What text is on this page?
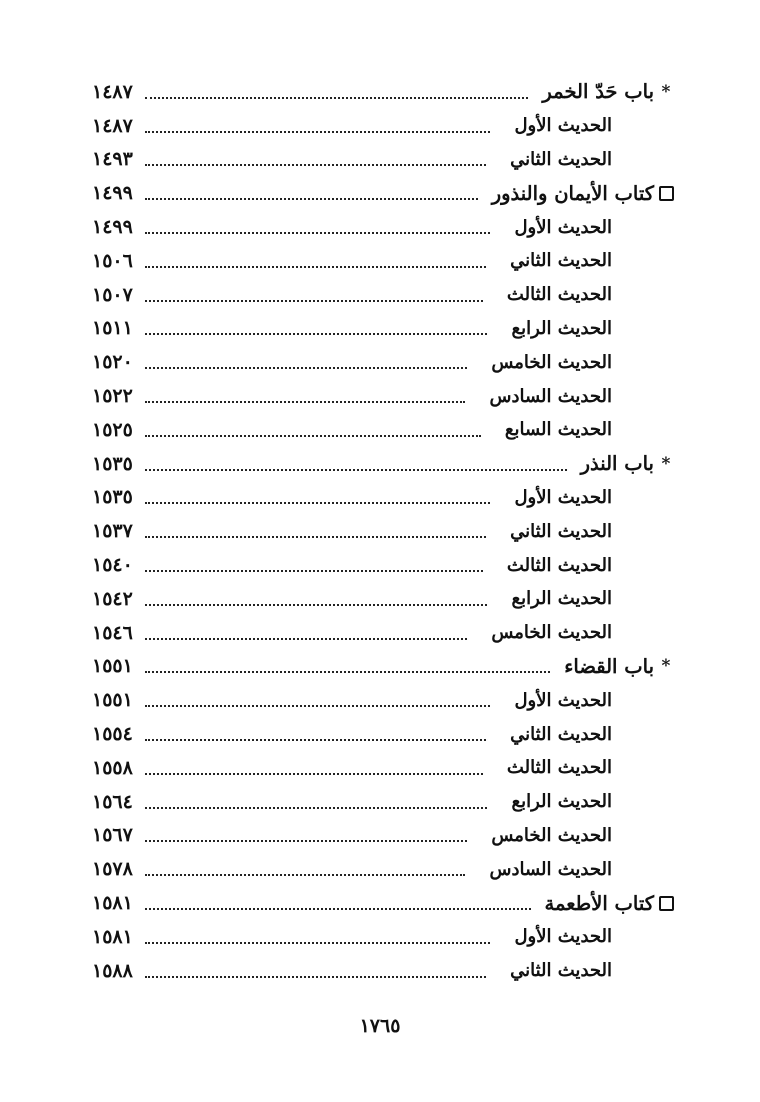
*
باب حَدّ الخمر
١٤٨٧
الحديث الأول
١٤٨٧
الحديث الثاني
١٤٩٣
كتاب الأيمان والنذور
١٤٩٩
الحديث الأول
١٤٩٩
الحديث الثاني
١٥٠٦
الحديث الثالث
١٥٠٧
الحديث الرابع
١٥١١
الحديث الخامس
١٥٢٠
الحديث السادس
١٥٢٢
الحديث السابع
١٥٢٥
*
باب النذر
١٥٣٥
الحديث الأول
١٥٣٥
الحديث الثاني
١٥٣٧
الحديث الثالث
١٥٤٠
الحديث الرابع
١٥٤٢
الحديث الخامس
١٥٤٦
*
باب القضاء
١٥٥١
الحديث الأول
١٥٥١
الحديث الثاني
١٥٥٤
الحديث الثالث
١٥٥٨
الحديث الرابع
١٥٦٤
الحديث الخامس
١٥٦٧
الحديث السادس
١٥٧٨
كتاب الأطعمة
١٥٨١
الحديث الأول
١٥٨١
الحديث الثاني
١٥٨٨
١٧٦٥
